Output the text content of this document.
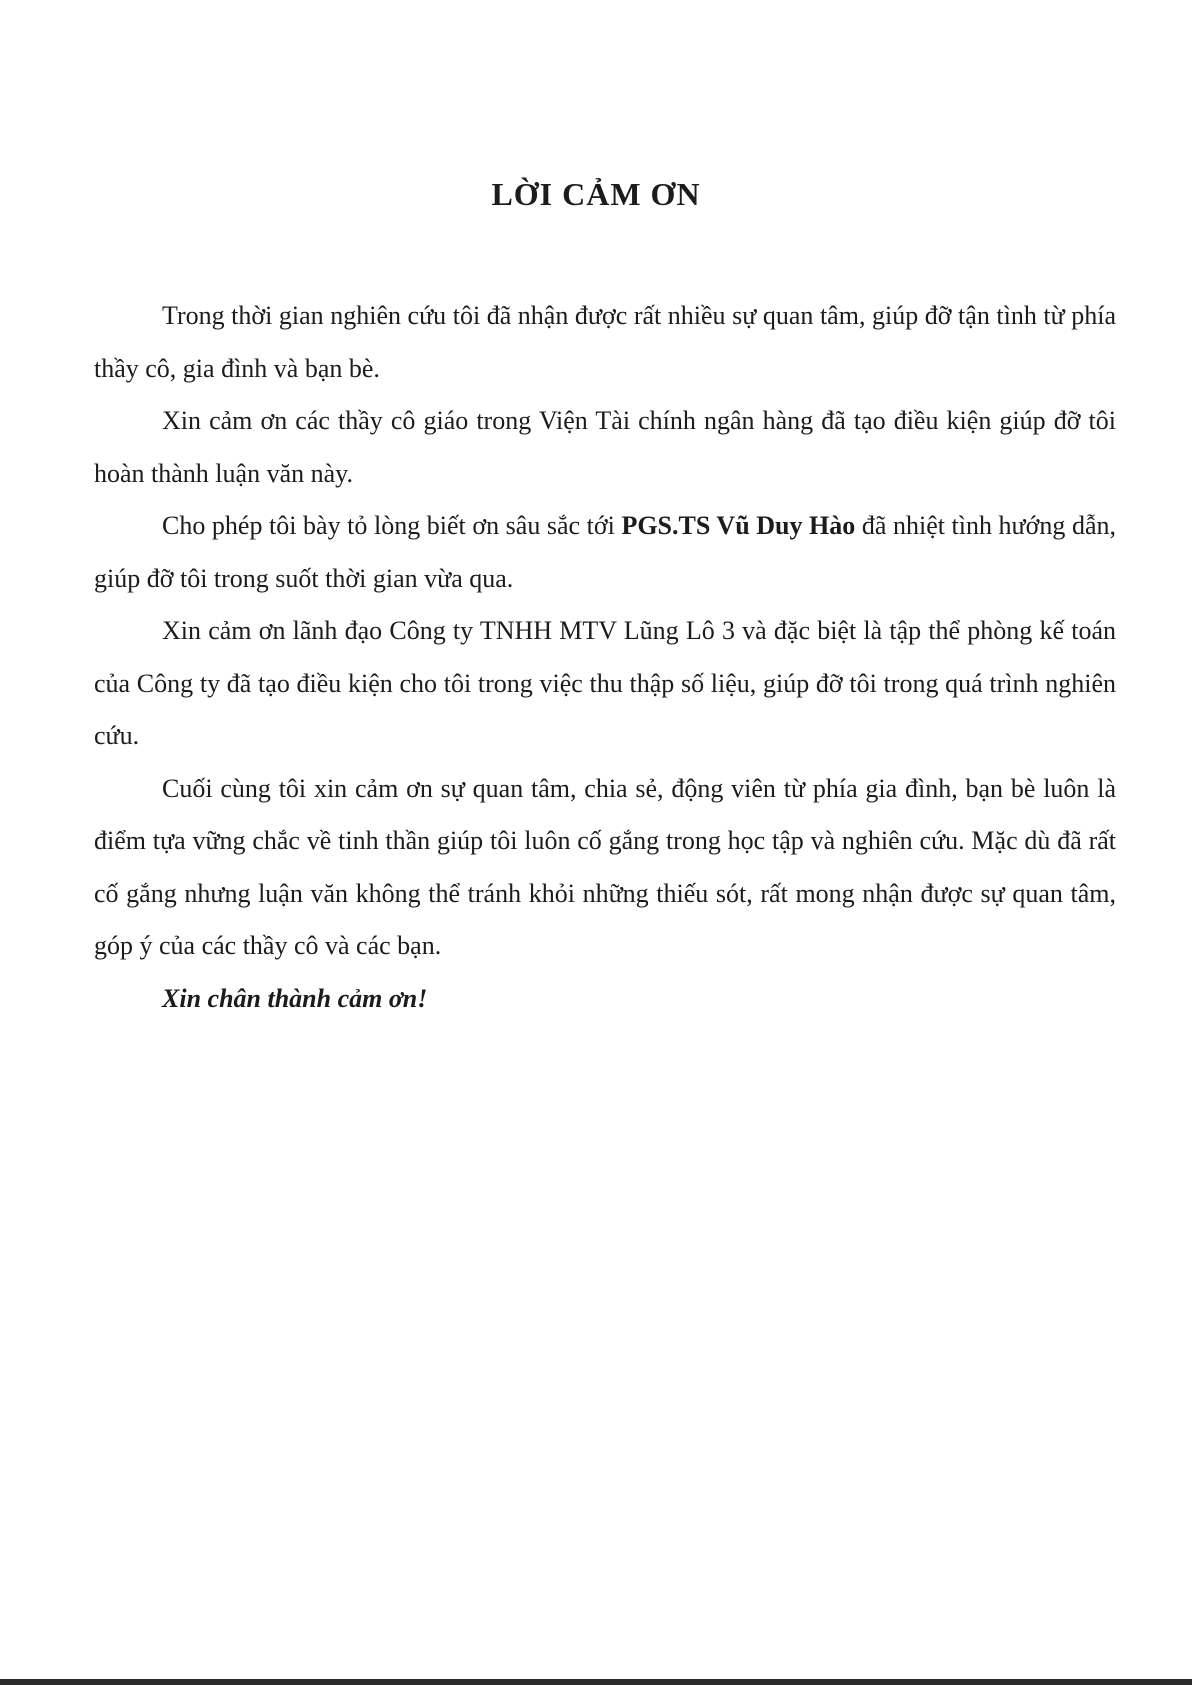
LỜI CẢM ƠN

Trong thời gian nghiên cứu tôi đã nhận được rất nhiều sự quan tâm, giúp đỡ tận tình từ phía thầy cô, gia đình và bạn bè.

Xin cảm ơn các thầy cô giáo trong Viện Tài chính ngân hàng đã tạo điều kiện giúp đỡ tôi hoàn thành luận văn này.

Cho phép tôi bày tỏ lòng biết ơn sâu sắc tới PGS.TS Vũ Duy Hào đã nhiệt tình hướng dẫn, giúp đỡ tôi trong suốt thời gian vừa qua.

Xin cảm ơn lãnh đạo Công ty TNHH MTV Lũng Lô 3 và đặc biệt là tập thể phòng kế toán của Công ty đã tạo điều kiện cho tôi trong việc thu thập số liệu, giúp đỡ tôi trong quá trình nghiên cứu.

Cuối cùng tôi xin cảm ơn sự quan tâm, chia sẻ, động viên từ phía gia đình, bạn bè luôn là điểm tựa vững chắc về tinh thần giúp tôi luôn cố gắng trong học tập và nghiên cứu. Mặc dù đã rất cố gắng nhưng luận văn không thể tránh khỏi những thiếu sót, rất mong nhận được sự quan tâm, góp ý của các thầy cô và các bạn.

Xin chân thành cảm ơn!
